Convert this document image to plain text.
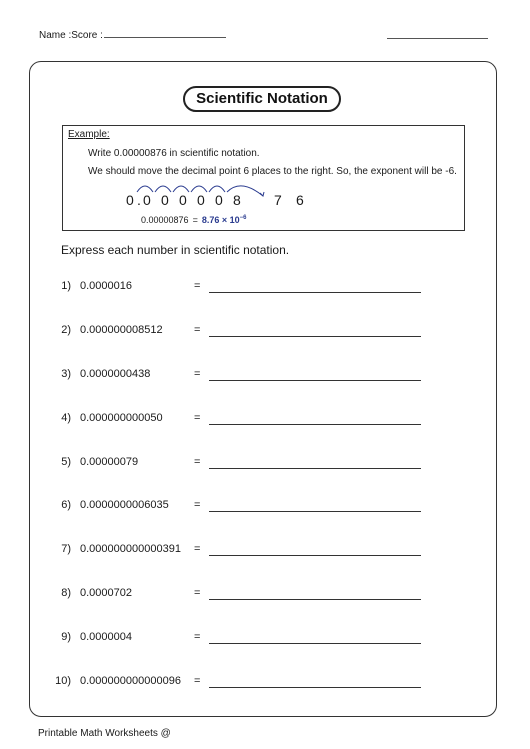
Name :Score :
Scientific Notation
Example:
Write 0.00000876 in scientific notation.
We should move the decimal point 6 places to the right. So, the exponent will be -6.
0 . 0 0 0 0 0 8 7 6
$0.00000876 = 8.76 \times 10^{-6}$
Express each number in scientific notation.
1) 0.0000016	=
2) 0.000000008512	=
3) 0.0000000438	=
4) 0.000000000050	=
5) 0.00000079	=
6) 0.0000000006035 =
7) 0.000000000000391 =
8) 0.0000702	=
9) 0.0000004	=
10) 0.000000000000096 =
Printable Math Worksheets @
